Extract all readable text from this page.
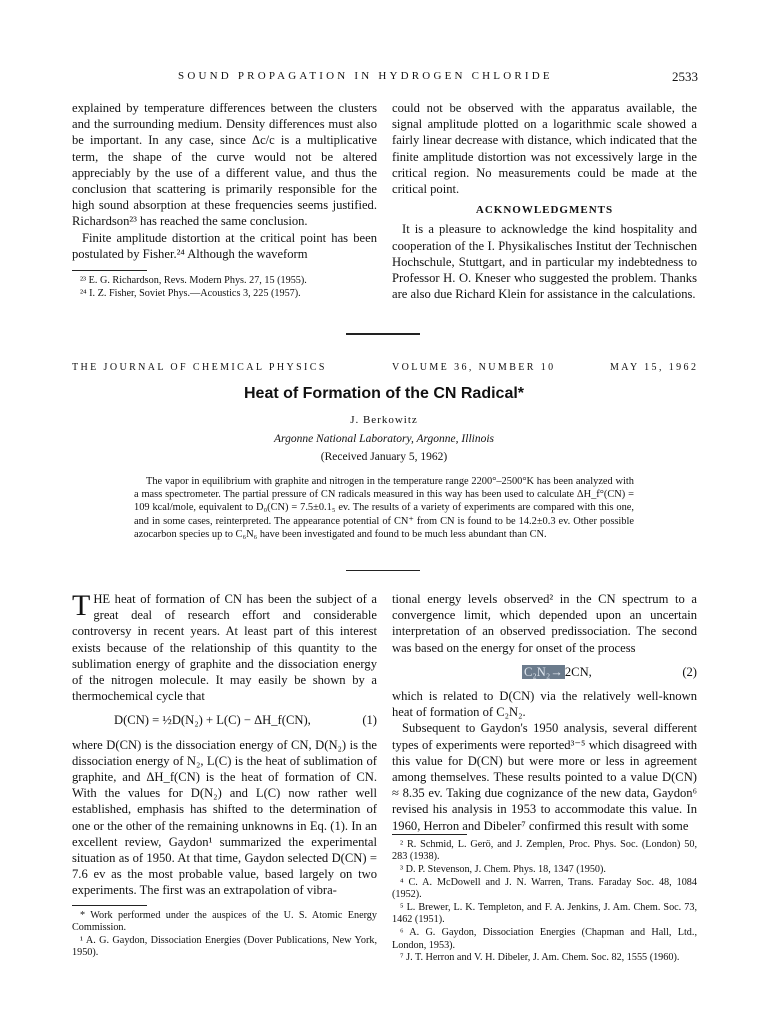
SOUND PROPAGATION IN HYDROGEN CHLORIDE	2533

explained by temperature differences between the clusters and the surrounding medium. Density differences must also be important. In any case, since Δc/c is a multiplicative term, the shape of the curve would not be altered appreciably by the use of a different value, and thus the conclusion that scattering is primarily responsible for the high sound absorption at these frequencies seems justified. Richardson²³ has reached the same conclusion.

Finite amplitude distortion at the critical point has been postulated by Fisher.²⁴ Although the waveform

²³ E. G. Richardson, Revs. Modern Phys. 27, 15 (1955).

²⁴ I. Z. Fisher, Soviet Phys.—Acoustics 3, 225 (1957).

could not be observed with the apparatus available, the signal amplitude plotted on a logarithmic scale showed a fairly linear decrease with distance, which indicated that the finite amplitude distortion was not excessively large in the critical region. No measurements could be made at the critical point.

ACKNOWLEDGMENTS

It is a pleasure to acknowledge the kind hospitality and cooperation of the I. Physikalisches Institut der Technischen Hochschule, Stuttgart, and in particular my indebtedness to Professor H. O. Kneser who suggested the problem. Thanks are also due Richard Klein for assistance in the calculations.

THE JOURNAL OF CHEMICAL PHYSICS	VOLUME 36, NUMBER 10	MAY 15, 1962
Heat of Formation of the CN Radical*
J. Berkowitz
Argonne National Laboratory, Argonne, Illinois
(Received January 5, 1962)
The vapor in equilibrium with graphite and nitrogen in the temperature range 2200°–2500°K has been analyzed with a mass spectrometer. The partial pressure of CN radicals measured in this way has been used to calculate ΔH_f°(CN) = 109 kcal/mole, equivalent to D₀(CN) = 7.5±0.1₅ ev. The results of a variety of experiments are compared with this one, and in some cases, reinterpreted. The appearance potential of CN⁺ from CN is found to be 14.2±0.3 ev. Other possible azocarbon species up to C₆N₆ have been investigated and found to be much less abundant than CN.

THE heat of formation of CN has been the subject of a great deal of research effort and considerable controversy in recent years. At least part of this interest exists because of the relationship of this quantity to the sublimation energy of graphite and the dissociation energy of the nitrogen molecule. It may easily be shown by a thermochemical cycle that

D(CN) = ½D(N₂) + L(C) − ΔH_f(CN),	(1)

where D(CN) is the dissociation energy of CN, D(N₂) is the dissociation energy of N₂, L(C) is the heat of sublimation of graphite, and ΔH_f(CN) is the heat of formation of CN. With the values for D(N₂) and L(C) now rather well established, emphasis has shifted to the determination of one or the other of the remaining unknowns in Eq. (1). In an excellent review, Gaydon¹ summarized the experimental situation as of 1950. At that time, Gaydon selected D(CN) = 7.6 ev as the most probable value, based largely on two experiments. The first was an extrapolation of vibra-

* Work performed under the auspices of the U. S. Atomic Energy Commission.

¹ A. G. Gaydon, Dissociation Energies (Dover Publications, New York, 1950).

tional energy levels observed² in the CN spectrum to a convergence limit, which depended upon an uncertain interpretation of an observed predissociation. The second was based on the energy for onset of the process

C₂N₂→ 2CN,	(2)

which is related to D(CN) via the relatively well-known heat of formation of C₂N₂.

Subsequent to Gaydon's 1950 analysis, several different types of experiments were reported³⁻⁵ which disagreed with this value for D(CN) but were more or less in agreement among themselves. These results pointed to a value D(CN) ≈ 8.35 ev. Taking due cognizance of the new data, Gaydon⁶ revised his analysis in 1953 to accommodate this value. In 1960, Herron and Dibeler⁷ confirmed this result with some

² R. Schmid, L. Gerö, and J. Zemplen, Proc. Phys. Soc. (London) 50, 283 (1938).

³ D. P. Stevenson, J. Chem. Phys. 18, 1347 (1950).

⁴ C. A. McDowell and J. N. Warren, Trans. Faraday Soc. 48, 1084 (1952).

⁵ L. Brewer, L. K. Templeton, and F. A. Jenkins, J. Am. Chem. Soc. 73, 1462 (1951).

⁶ A. G. Gaydon, Dissociation Energies (Chapman and Hall, Ltd., London, 1953).

⁷ J. T. Herron and V. H. Dibeler, J. Am. Chem. Soc. 82, 1555 (1960).
